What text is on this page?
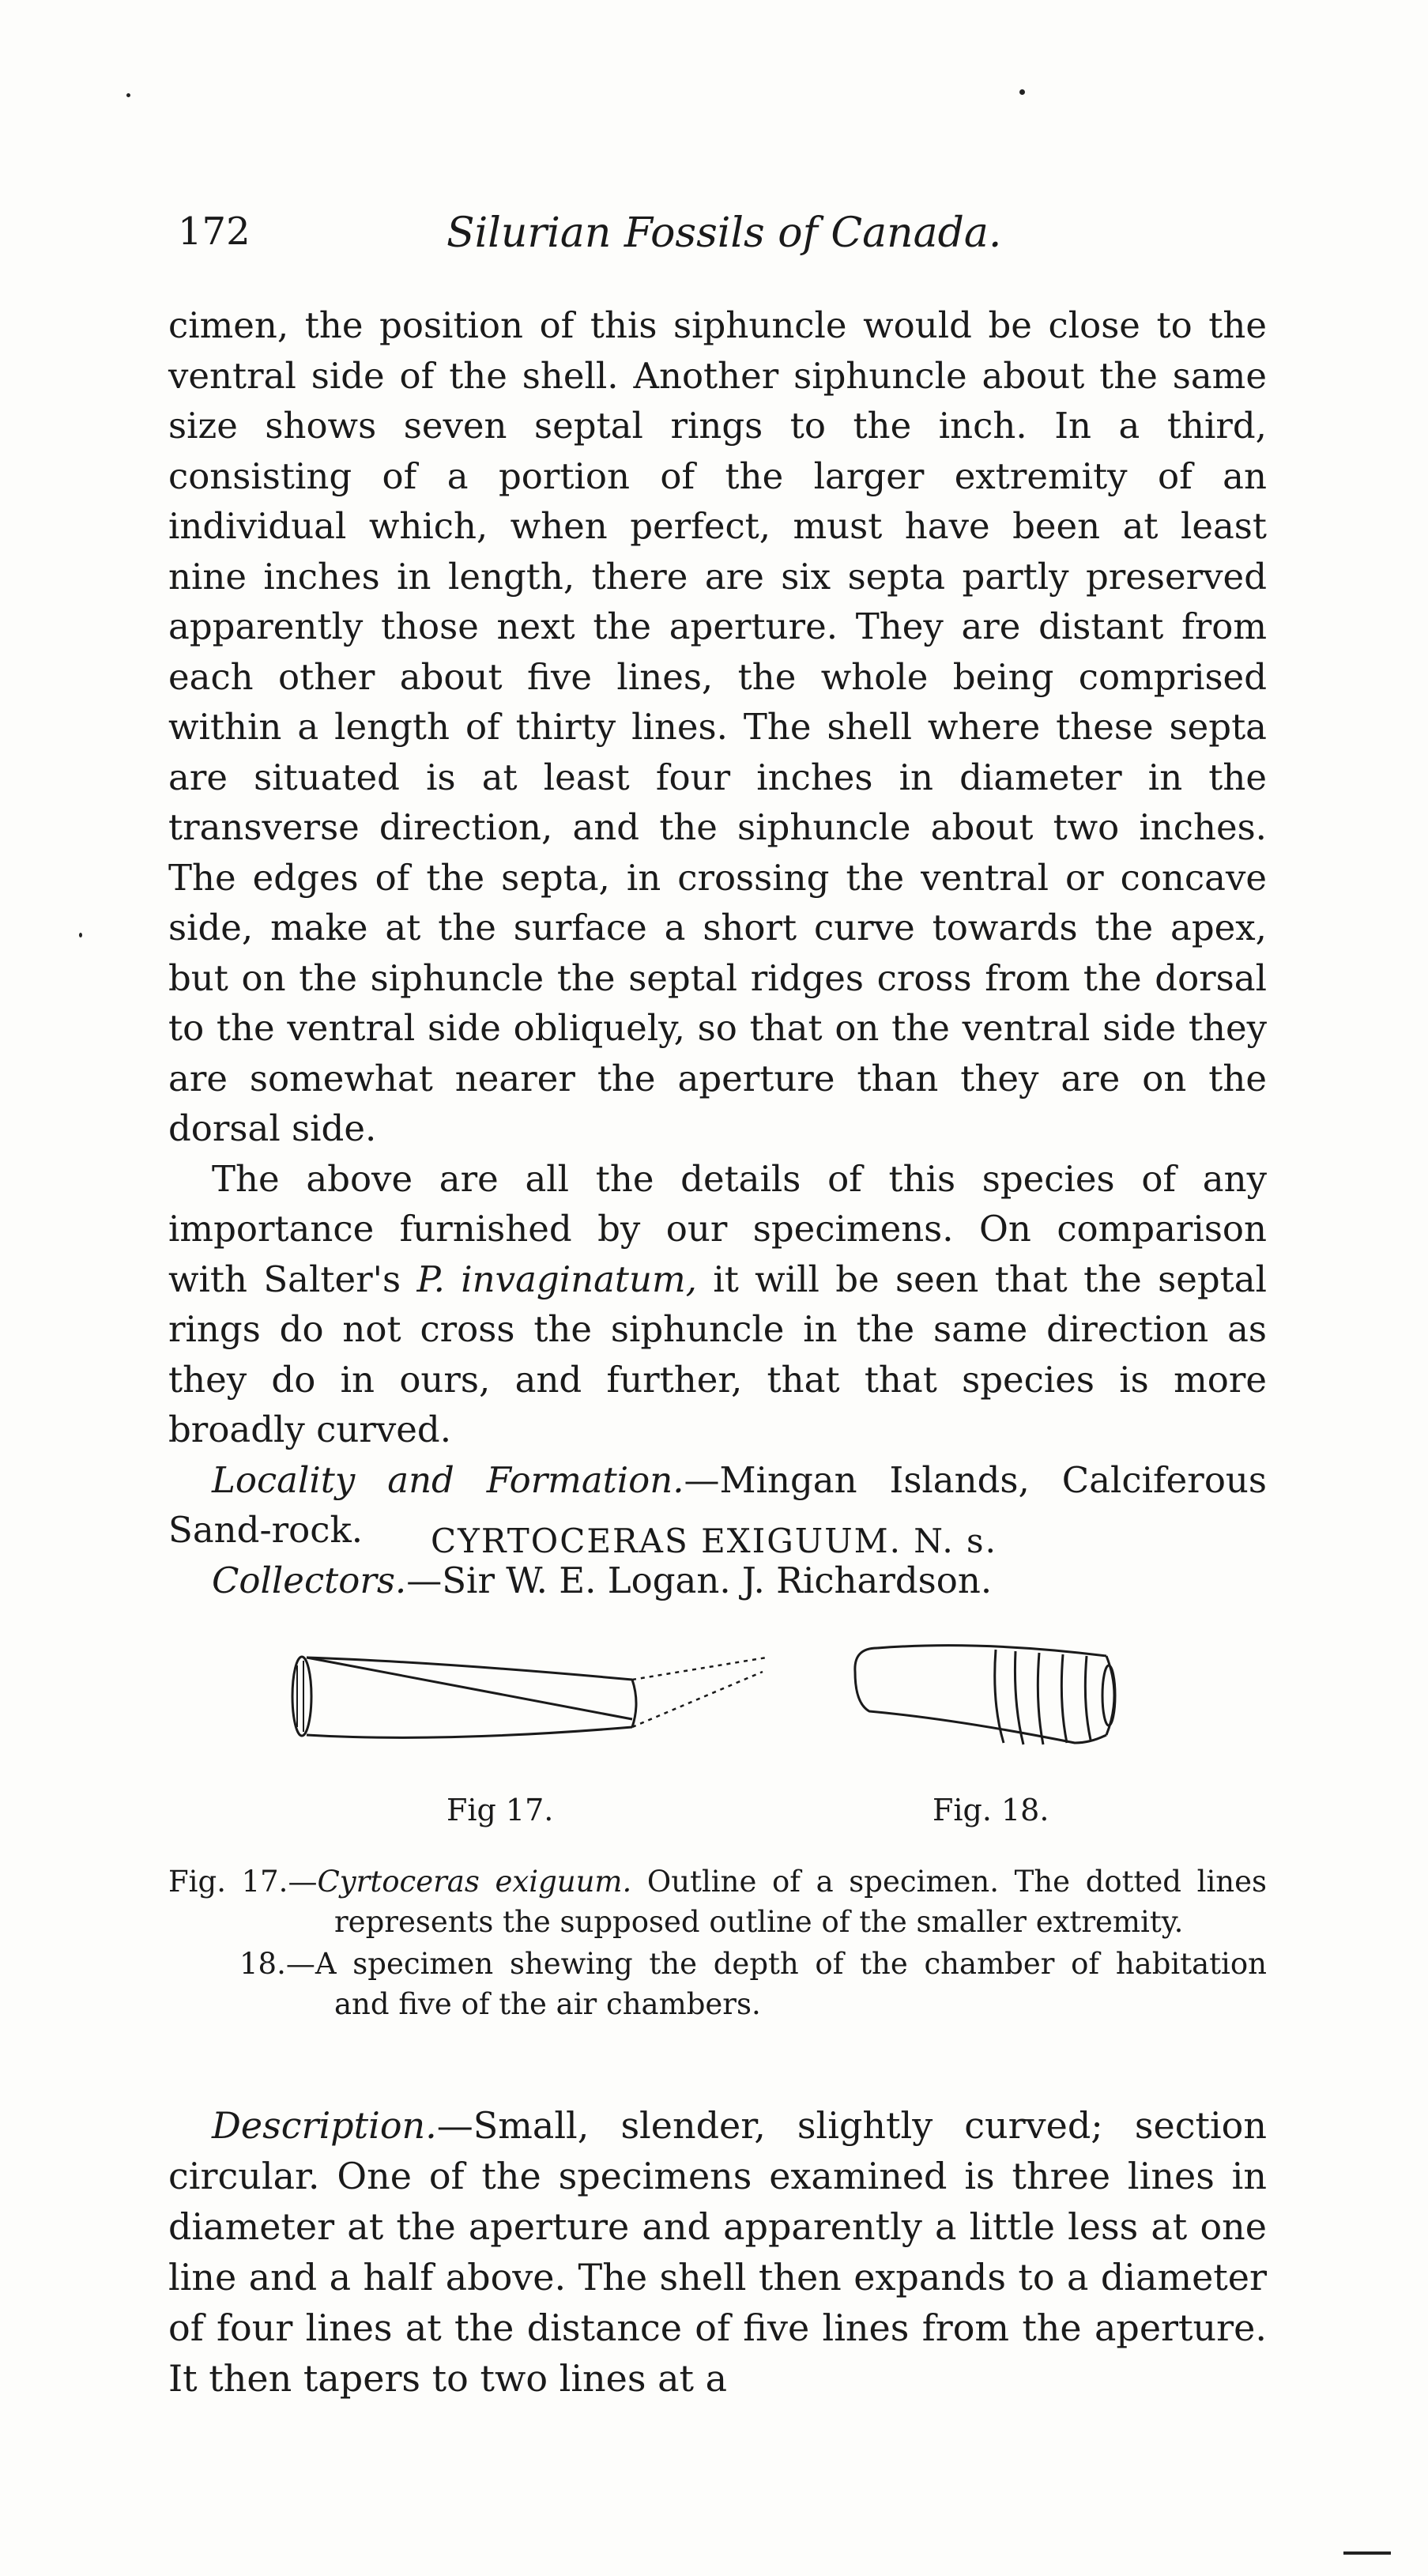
172	Silurian Fossils of Canada.

cimen, the position of this siphuncle would be close to the ventral side of the shell. Another siphuncle about the same size shows seven septal rings to the inch. In a third, consisting of a portion of the larger extremity of an individual which, when perfect, must have been at least nine inches in length, there are six septa partly preserved apparently those next the aperture. They are distant from each other about five lines, the whole being comprised within a length of thirty lines. The shell where these septa are situated is at least four inches in diameter in the transverse direction, and the siphuncle about two inches. The edges of the septa, in crossing the ventral or concave side, make at the surface a short curve towards the apex, but on the siphuncle the septal ridges cross from the dorsal to the ventral side obliquely, so that on the ventral side they are somewhat nearer the aperture than they are on the dorsal side.

The above are all the details of this species of any importance furnished by our specimens. On comparison with Salter's P. invaginatum, it will be seen that the septal rings do not cross the siphuncle in the same direction as they do in ours, and further, that that species is more broadly curved.

Locality and Formation.—Mingan Islands, Calciferous Sand-rock.

Collectors.—Sir W. E. Logan. J. Richardson.

CYRTOCERAS EXIGUUM. N. s.
Fig 17.	Fig. 18.
Fig. 17.—Cyrtoceras exiguum. Outline of a specimen. The dotted lines represents the supposed outline of the smaller extremity.
18.—A specimen shewing the depth of the chamber of habitation and five of the air chambers.

Description.—Small, slender, slightly curved; section circular. One of the specimens examined is three lines in diameter at the aperture and apparently a little less at one line and a half above. The shell then expands to a diameter of four lines at the distance of five lines from the aperture. It then tapers to two lines at a
